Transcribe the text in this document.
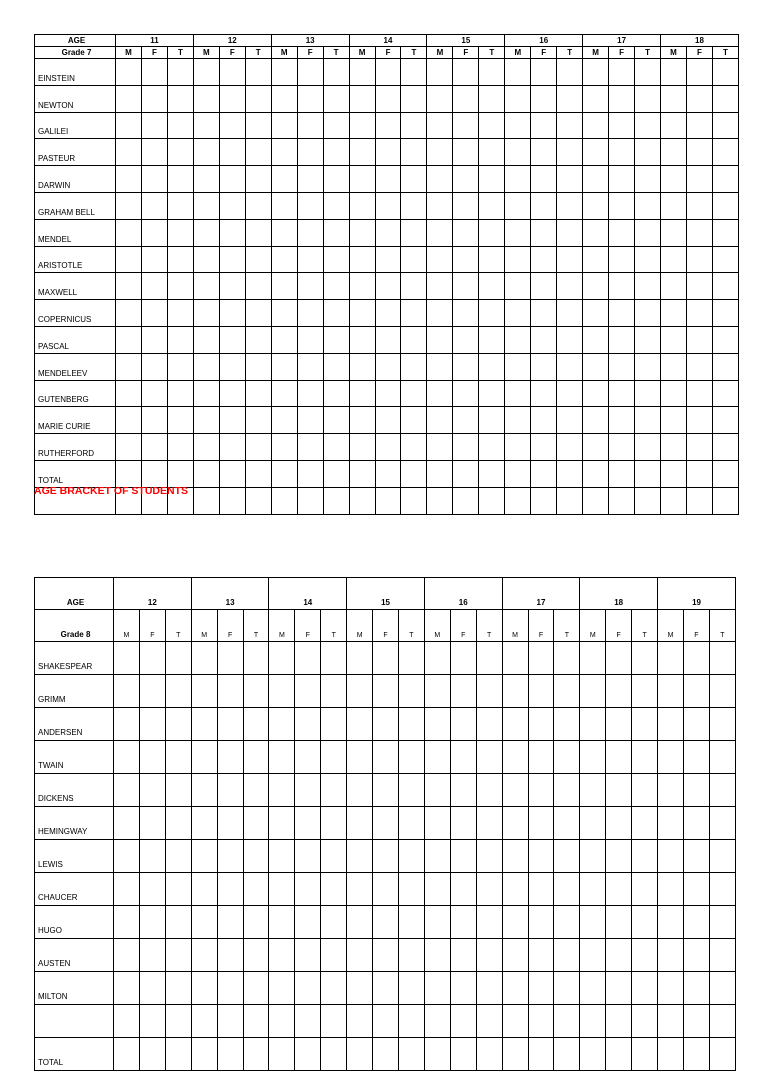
AGE	11			12			13			14			15			16			17			18		
Grade 7	M	F	T	M	F	T	M	F	T	M	F	T	M	F	T	M	F	T	M	F	T	M	F	T
EINSTEIN																								
NEWTON																								
GALILEI																								
PASTEUR																								
DARWIN																								
GRAHAM BELL																								
MENDEL																								
ARISTOTLE																								
MAXWELL																								
COPERNICUS																								
PASCAL																								
MENDELEEV																								
GUTENBERG																								
MARIE CURIE																								
RUTHERFORD																								
TOTAL																								

AGE BRACKET OF STUDENTS
AGE	12			13			14			15			16			17			18			19		
Grade 8	M	F	T	M	F	T	M	F	T	M	F	T	M	F	T	M	F	T	M	F	T	M	F	T
SHAKESPEAR																								
GRIMM																								
ANDERSEN																								
TWAIN																								
DICKENS																								
HEMINGWAY																								
LEWIS																								
CHAUCER																								
HUGO																								
AUSTEN																								
MILTON																								

TOTAL																								
